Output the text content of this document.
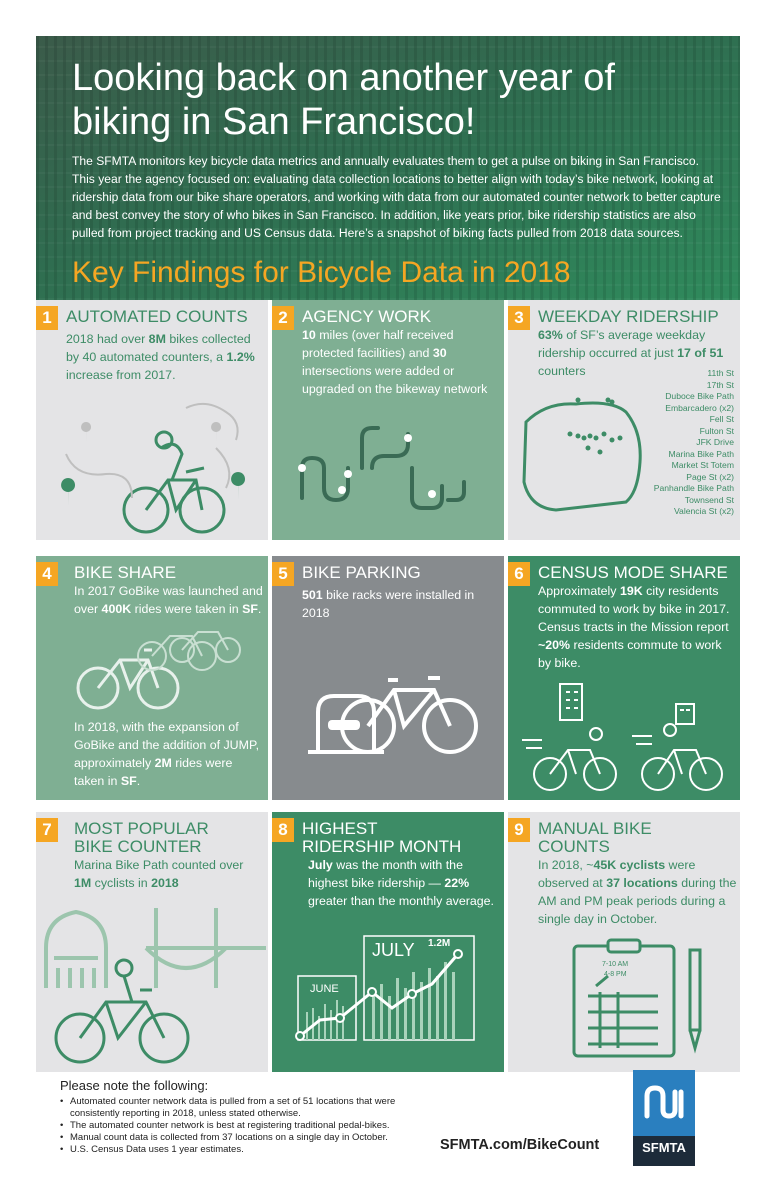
Looking back on another year of biking in San Francisco!

The SFMTA monitors key bicycle data metrics and annually evaluates them to get a pulse on biking in San Francisco. This year the agency focused on: evaluating data collection locations to better align with today’s bike network, looking at ridership data from our bike share operators, and working with data from our automated counter network to better capture and best convey the story of who bikes in San Francisco. In addition, like years prior, bike ridership statistics are also pulled from project tracking and US Census data. Here’s a snapshot of biking facts pulled from 2018 data sources.

Key Findings for Bicycle Data in 2018
1 AUTOMATED COUNTS
2018 had over 8M bikes collected by 40 automated counters, a 1.2% increase from 2017.
2 AGENCY WORK
10 miles (over half received protected facilities) and 30 intersections were added or upgraded on the bikeway network
3 WEEKDAY RIDERSHIP
63% of SF’s average weekday ridership occurred at just 17 of 51 counters	11th St
17th St
Duboce Bike Path
Embarcadero (x2)
Fell St
Fulton St
JFK Drive
Marina Bike Path
Market St Totem
Page St (x2)
Panhandle Bike Path
Townsend St
Valencia St (x2)
4	BIKE SHARE
In 2017 GoBike was launched and over 400K rides were taken in SF.
In 2018, with the expansion of GoBike and the addition of JUMP, approximately 2M rides were taken in SF.
5 BIKE PARKING
501 bike racks were installed in 2018
6 CENSUS MODE SHARE
Approximately 19K city residents commuted to work by bike in 2017. Census tracts in the Mission report ~20% residents commute to work by bike.
7	MOST POPULAR
BIKE COUNTER
Marina Bike Path counted over 1M cyclists in 2018
8 HIGHEST
RIDERSHIP MONTH
July was the month with the highest bike ridership — 22% greater than the monthly average.
JUNE
JULY 1.2M
9 MANUAL BIKE
COUNTS
In 2018, ~45K cyclists were observed at 37 locations during the AM and PM peak periods during a single day in October.
7-10 AM
4-8 PM
Please note the following:
• Automated counter network data is pulled from a set of 51 locations that were consistently reporting in 2018, unless stated otherwise.
• The automated counter network is best at registering traditional pedal-bikes.
• Manual count data is collected from 37 locations on a single day in October.
• U.S. Census Data uses 1 year estimates.	SFMTA.com/BikeCount	SFMTA
